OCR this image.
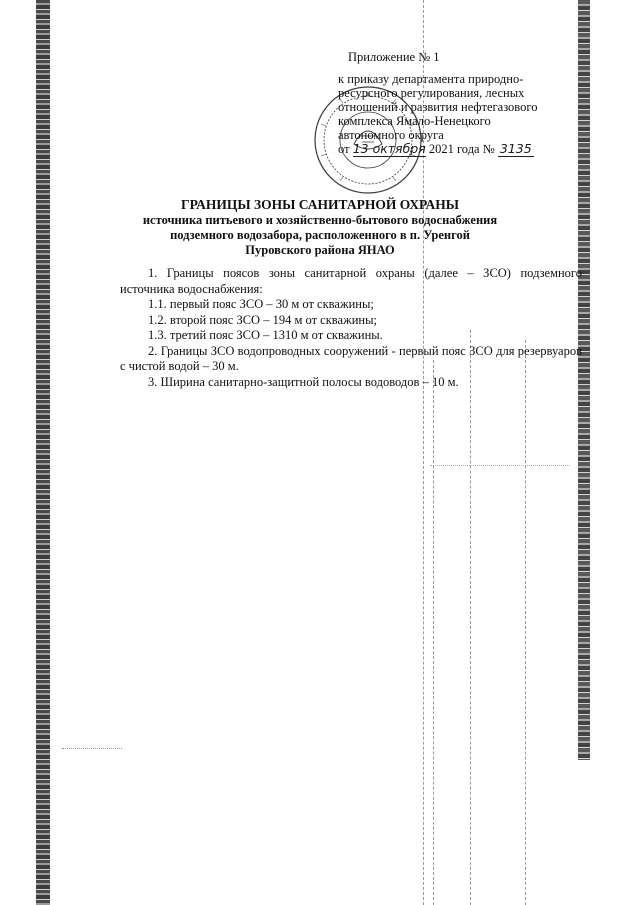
Приложение № 1
к приказу департамента природно-
ресурсного регулирования, лесных
отношений и развития нефтегазового
комплекса Ямало-Ненецкого
автономного округа
от 13 октября 2021 года № 3135
ГРАНИЦЫ ЗОНЫ САНИТАРНОЙ ОХРАНЫ
источника питьевого и хозяйственно-бытового водоснабжения
подземного водозабора, расположенного в п. Уренгой
Пуровского района ЯНАО

1. Границы поясов зоны санитарной охраны (далее – ЗСО) подземного источника водоснабжения:

1.1. первый пояс ЗСО – 30 м от скважины;

1.2. второй пояс ЗСО – 194 м от скважины;

1.3. третий пояс ЗСО – 1310 м от скважины.

2. Границы ЗСО водопроводных сооружений - первый пояс ЗСО для резервуаров с чистой водой – 30 м.

3. Ширина санитарно-защитной полосы водоводов – 10 м.
